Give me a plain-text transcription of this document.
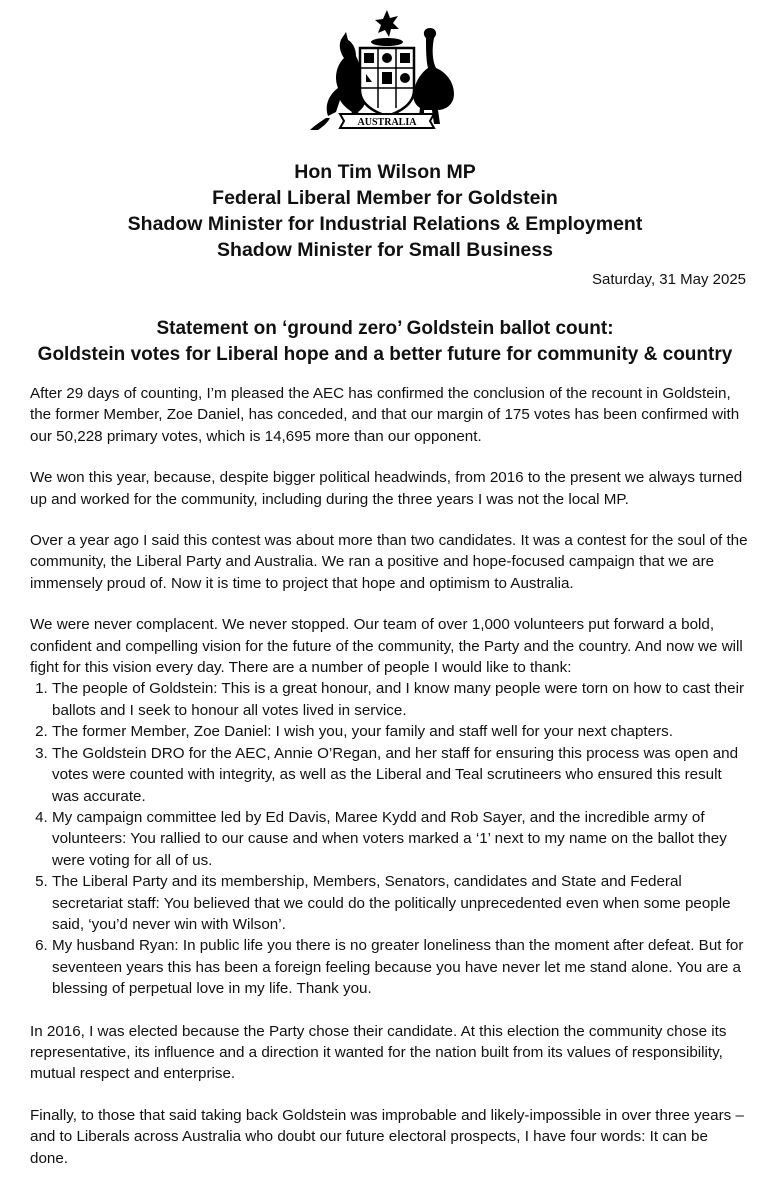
AUSTRALIA
Hon Tim Wilson MP
Federal Liberal Member for Goldstein
Shadow Minister for Industrial Relations & Employment
Shadow Minister for Small Business
Saturday, 31 May 2025
Statement on ‘ground zero’ Goldstein ballot count:
Goldstein votes for Liberal hope and a better future for community & country

After 29 days of counting, I’m pleased the AEC has confirmed the conclusion of the recount in Goldstein, the former Member, Zoe Daniel, has conceded, and that our margin of 175 votes has been confirmed with our 50,228 primary votes, which is 14,695 more than our opponent.

We won this year, because, despite bigger political headwinds, from 2016 to the present we always turned up and worked for the community, including during the three years I was not the local MP.

Over a year ago I said this contest was about more than two candidates. It was a contest for the soul of the community, the Liberal Party and Australia. We ran a positive and hope-focused campaign that we are immensely proud of. Now it is time to project that hope and optimism to Australia.

We were never complacent. We never stopped. Our team of over 1,000 volunteers put forward a bold, confident and compelling vision for the future of the community, the Party and the country. And now we will fight for this vision every day. There are a number of people I would like to thank:

1. The people of Goldstein: This is a great honour, and I know many people were torn on how to cast their ballots and I seek to honour all votes lived in service.
2. The former Member, Zoe Daniel: I wish you, your family and staff well for your next chapters.
3. The Goldstein DRO for the AEC, Annie O’Regan, and her staff for ensuring this process was open and votes were counted with integrity, as well as the Liberal and Teal scrutineers who ensured this result was accurate.
4. My campaign committee led by Ed Davis, Maree Kydd and Rob Sayer, and the incredible army of volunteers: You rallied to our cause and when voters marked a ‘1’ next to my name on the ballot they were voting for all of us.
5. The Liberal Party and its membership, Members, Senators, candidates and State and Federal secretariat staff: You believed that we could do the politically unprecedented even when some people said, ‘you’d never win with Wilson’.
6. My husband Ryan: In public life you there is no greater loneliness than the moment after defeat. But for seventeen years this has been a foreign feeling because you have never let me stand alone. You are a blessing of perpetual love in my life. Thank you.

In 2016, I was elected because the Party chose their candidate. At this election the community chose its representative, its influence and a direction it wanted for the nation built from its values of responsibility, mutual respect and enterprise.

Finally, to those that said taking back Goldstein was improbable and likely-impossible in over three years – and to Liberals across Australia who doubt our future electoral prospects, I have four words: It can be done.
